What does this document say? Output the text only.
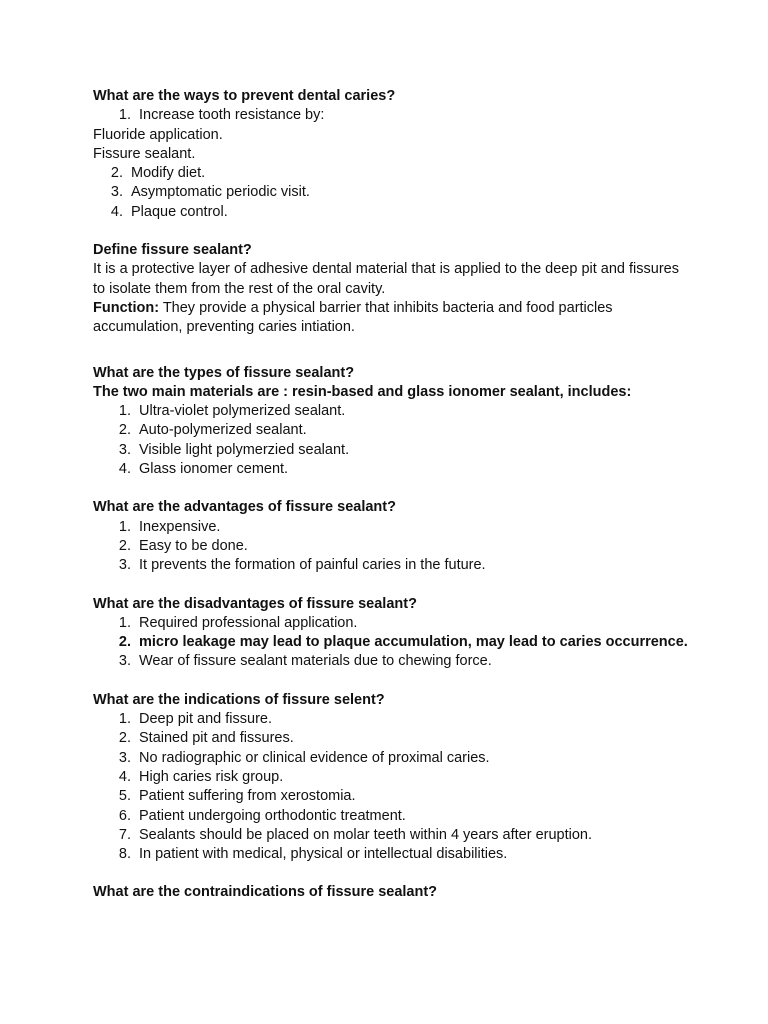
What are the ways to prevent dental caries?
1. Increase tooth resistance by:
Fluoride application.
Fissure sealant.
2. Modify diet.
3. Asymptomatic periodic visit.
4. Plaque control.
Define fissure sealant?
It is a protective layer of adhesive dental material that is applied to the deep pit and fissures to isolate them from the rest of the oral cavity.
Function: They provide a physical barrier that inhibits bacteria and food particles accumulation, preventing caries intiation.
What are the types of fissure sealant?
The two main materials are : resin-based and glass ionomer sealant, includes:
1. Ultra-violet polymerized sealant.
2. Auto-polymerized sealant.
3. Visible light polymerzied sealant.
4. Glass ionomer cement.
What are the advantages of fissure sealant?
1. Inexpensive.
2. Easy to be done.
3. It prevents the formation of painful caries in the future.
What are the disadvantages of fissure sealant?
1. Required professional application.
2. micro leakage may lead to plaque accumulation, may lead to caries occurrence.
3. Wear of fissure sealant materials due to chewing force.
What are the indications of fissure selent?
1. Deep pit and fissure.
2. Stained pit and fissures.
3. No radiographic or clinical evidence of proximal caries.
4. High caries risk group.
5. Patient suffering from xerostomia.
6. Patient undergoing orthodontic treatment.
7. Sealants should be placed on molar teeth within 4 years after eruption.
8. In patient with medical, physical or intellectual disabilities.
What are the contraindications of fissure sealant?
